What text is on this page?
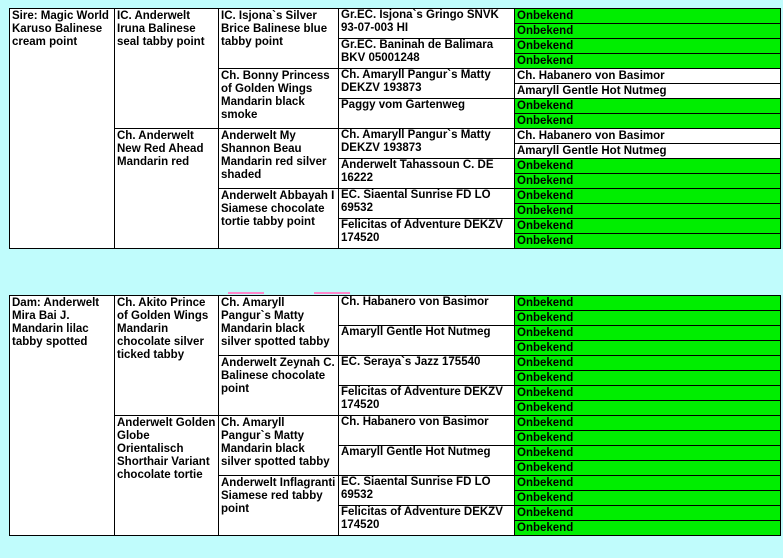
Sire: Magic World Karuso Balinese cream point	IC. Anderwelt Iruna Balinese seal tabby point	IC. Isjona`s Silver Brice Balinese blue tabby point	Gr.EC. Isjona`s Gringo SNVK 93-07-003 HI	Onbekend
				Onbekend
			Gr.EC. Baninah de Balimara BKV 05001248	Onbekend
				Onbekend
		Ch. Bonny Princess of Golden Wings Mandarin black smoke	Ch. Amaryll Pangur`s Matty DEKZV 193873	Ch. Habanero von Basimor
				Amaryll Gentle Hot Nutmeg
			Paggy vom Gartenweg	Onbekend
				Onbekend
	Ch. Anderwelt New Red Ahead Mandarin red	Anderwelt My Shannon Beau Mandarin red silver shaded	Ch. Amaryll Pangur`s Matty DEKZV 193873	Ch. Habanero von Basimor
				Amaryll Gentle Hot Nutmeg
			Anderwelt Tahassoun C. DE 16222	Onbekend
				Onbekend
		Anderwelt Abbayah I Siamese chocolate tortie tabby point	EC. Siaental Sunrise FD LO 69532	Onbekend
				Onbekend
			Felicitas of Adventure DEKZV 174520	Onbekend
				Onbekend
Dam: Anderwelt Mira Bai J. Mandarin lilac tabby spotted	Ch. Akito Prince of Golden Wings Mandarin chocolate silver ticked tabby	Ch. Amaryll Pangur`s Matty Mandarin black silver spotted tabby	Ch. Habanero von Basimor	Onbekend
				Onbekend
			Amaryll Gentle Hot Nutmeg	Onbekend
				Onbekend
		Anderwelt Zeynah C. Balinese chocolate point	EC. Seraya`s Jazz 175540	Onbekend
				Onbekend
			Felicitas of Adventure DEKZV 174520	Onbekend
				Onbekend
	Anderwelt Golden Globe Orientalisch Shorthair Variant chocolate tortie	Ch. Amaryll Pangur`s Matty Mandarin black silver spotted tabby	Ch. Habanero von Basimor	Onbekend
				Onbekend
			Amaryll Gentle Hot Nutmeg	Onbekend
				Onbekend
		Anderwelt Inflagranti Siamese red tabby point	EC. Siaental Sunrise FD LO 69532	Onbekend
				Onbekend
			Felicitas of Adventure DEKZV 174520	Onbekend
				Onbekend
